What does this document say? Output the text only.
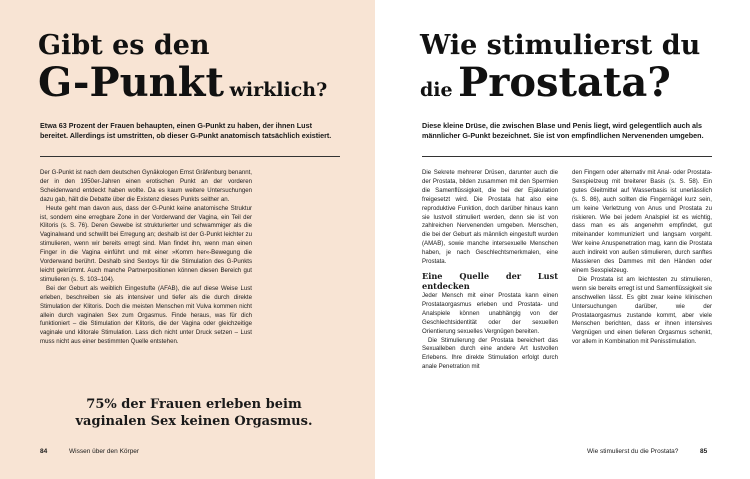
Gibt es den
G-Punkt wirklich?

Etwa 63 Prozent der Frauen behaupten, einen G-Punkt zu haben, der ihnen Lust bereitet. Allerdings ist umstritten, ob dieser G-Punkt anatomisch tatsächlich existiert.

Der G-Punkt ist nach dem deutschen Gynäkologen Ernst Gräfenburg benannt, der in den 1950er-Jahren einen erotischen Punkt an der vorderen Scheidenwand entdeckt haben wollte. Da es kaum weitere Untersuchungen dazu gab, hält die Debatte über die Existenz dieses Punkts seither an.

Heute geht man davon aus, dass der G-Punkt keine anatomische Struktur ist, sondern eine erregbare Zone in der Vorderwand der Vagina, ein Teil der Klitoris (s. S. 76). Deren Gewebe ist strukturierter und schwammiger als die Vaginalwand und schwillt bei Erregung an; deshalb ist der G-Punkt leichter zu stimulieren, wenn wir bereits erregt sind. Man findet ihn, wenn man einen Finger in die Vagina einführt und mit einer »Komm her«-Bewegung die Vorderwand berührt. Deshalb sind Sextoys für die Stimulation des G-Punkts leicht gekrümmt. Auch manche Partnerpositionen können diesen Bereich gut stimulieren (s. S. 103–104).

Bei der Geburt als weiblich Eingestufte (AFAB), die auf diese Weise Lust erleben, beschreiben sie als intensiver und tiefer als die durch direkte Stimulation der Klitoris. Doch die meisten Menschen mit Vulva kommen nicht allein durch vaginalen Sex zum Orgasmus. Finde heraus, was für dich funktioniert – die Stimulation der Klitoris, die der Vagina oder gleichzeitige vaginale und klitorale Stimulation. Lass dich nicht unter Druck setzen – Lust muss nicht aus einer bestimmten Quelle entstehen.

75% der Frauen erleben beim vaginalen Sex keinen Orgasmus.

84	Wissen über den Körper
Wie stimulierst du
die Prostata?

Diese kleine Drüse, die zwischen Blase und Penis liegt, wird gelegentlich auch als männlicher G-Punkt bezeichnet. Sie ist von empfindlichen Nervenenden umgeben.

Die Sekrete mehrerer Drüsen, darunter auch die der Prostata, bilden zusammen mit den Spermien die Samenflüssigkeit, die bei der Ejakulation freigesetzt wird. Die Prostata hat also eine reproduktive Funktion, doch darüber hinaus kann sie lustvoll stimuliert werden, denn sie ist von zahlreichen Nervenenden umgeben. Menschen, die bei der Geburt als männlich eingestuft wurden (AMAB), sowie manche intersexuelle Menschen haben, je nach Geschlechtsmerkmalen, eine Prostata.

Eine Quelle der Lust entdecken

Jeder Mensch mit einer Prostata kann einen Prostataorgasmus erleben und Prostata- und Analspiele können unabhängig von der Geschlechtsidentität oder der sexuellen Orientierung sexuelles Vergnügen bereiten.

Die Stimulierung der Prostata bereichert das Sexualleben durch eine andere Art lustvollen Erlebens. Ihre direkte Stimulation erfolgt durch anale Penetration mit

den Fingern oder alternativ mit Anal- oder Prostata-Sexspielzeug mit breiterer Basis (s. S. 58). Ein gutes Gleitmittel auf Wasserbasis ist unerlässlich (s. S. 86), auch sollten die Fingernägel kurz sein, um keine Verletzung von Anus und Prostata zu riskieren. Wie bei jedem Analspiel ist es wichtig, dass man es als angenehm empfindet, gut miteinander kommuniziert und langsam vorgeht. Wer keine Anuspenetration mag, kann die Prostata auch indirekt von außen stimulieren, durch sanftes Massieren des Dammes mit den Händen oder einem Sexspielzeug.

Die Prostata ist am leichtesten zu stimulieren, wenn sie bereits erregt ist und Samenflüssigkeit sie anschwellen lässt. Es gibt zwar keine klinischen Untersuchungen darüber, wie der Prostataorgasmus zustande kommt, aber viele Menschen berichten, dass er ihnen intensives Vergnügen und einen tieferen Orgasmus schenkt, vor allem in Kombination mit Penisstimulation.

Wie stimulierst du die Prostata?	85
